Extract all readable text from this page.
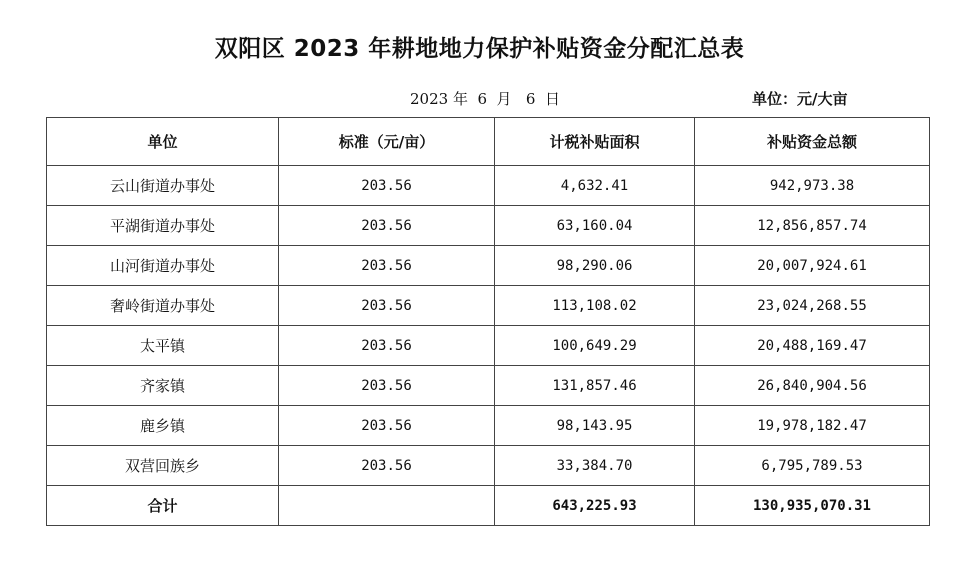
双阳区 2023 年耕地地力保护补贴资金分配汇总表
2023 年  6  月   6  日	单位：元/大亩
单位	标准（元/亩）	计税补贴面积	补贴资金总额
云山街道办事处	203.56	4,632.41	942,973.38
平湖街道办事处	203.56	63,160.04	12,856,857.74
山河街道办事处	203.56	98,290.06	20,007,924.61
奢岭街道办事处	203.56	113,108.02	23,024,268.55
太平镇	203.56	100,649.29	20,488,169.47
齐家镇	203.56	131,857.46	26,840,904.56
鹿乡镇	203.56	98,143.95	19,978,182.47
双营回族乡	203.56	33,384.70	6,795,789.53
合计		643,225.93	130,935,070.31
